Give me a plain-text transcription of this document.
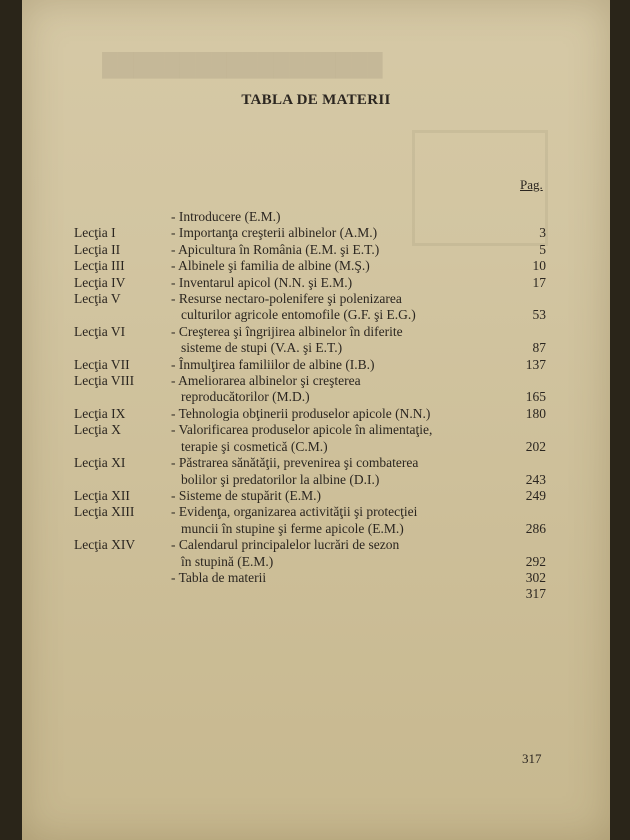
██████████████████
TABLA DE MATERII
Pag.
- Introducere (E.M.)
Lecţia I	- Importanţa creşterii albinelor (A.M.)	3
Lecţia II	- Apicultura în România (E.M. şi E.T.)	5
Lecţia III	- Albinele şi familia de albine (M.Ş.)	10
Lecţia IV	- Inventarul apicol (N.N. şi E.M.)	17
Lecţia V	- Resurse nectaro-polenifere şi polenizarea
culturilor agricole entomofile (G.F. şi E.G.)	53
Lecţia VI	- Creşterea şi îngrijirea albinelor în diferite
sisteme de stupi (V.A. şi E.T.)	87
Lecţia VII	- Înmulţirea familiilor de albine (I.B.)	137
Lecţia VIII	- Ameliorarea albinelor şi creşterea
reproducătorilor (M.D.)	165
Lecţia IX	- Tehnologia obţinerii produselor apicole (N.N.)	180
Lecţia X	- Valorificarea produselor apicole în alimentaţie,
terapie şi cosmetică (C.M.)	202
Lecţia XI	- Păstrarea sănătăţii, prevenirea şi combaterea
bolilor şi predatorilor la albine (D.I.)	243
Lecţia XII	- Sisteme de stupărit (E.M.)	249
Lecţia XIII	- Evidenţa, organizarea activităţii şi protecţiei
muncii în stupine şi ferme apicole (E.M.)	286
Lecţia XIV	- Calendarul principalelor lucrări de sezon
în stupină (E.M.)	292
- Tabla de materii	302

317
317
